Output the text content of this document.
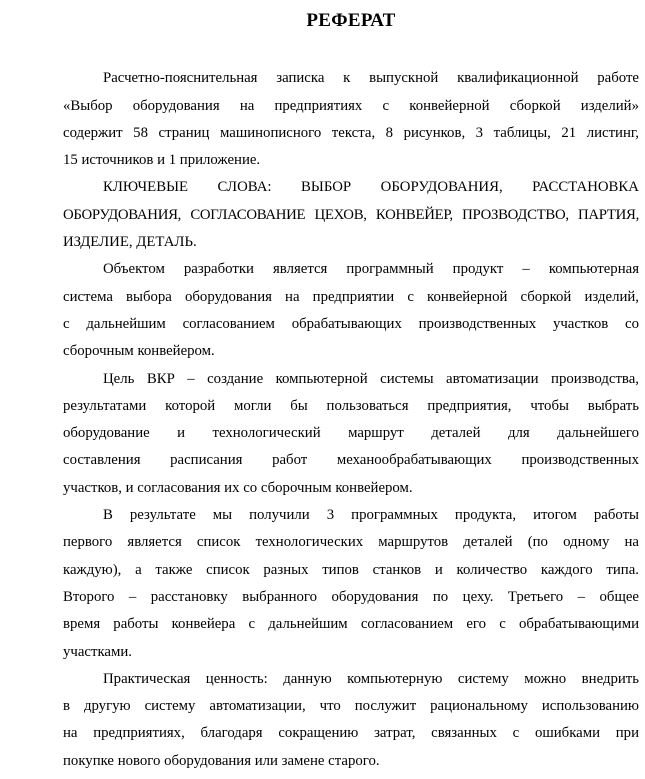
РЕФЕРАТ
Расчетно-пояснительная записка к выпускной квалификационной работе
«Выбор оборудования на предприятиях с конвейерной сборкой изделий»
содержит 58 страниц машинописного текста, 8 рисунков, 3 таблицы, 21 листинг,
15 источников и 1 приложение.
КЛЮЧЕВЫЕ СЛОВА: ВЫБОР ОБОРУДОВАНИЯ, РАССТАНОВКА
ОБОРУДОВАНИЯ, СОГЛАСОВАНИЕ ЦЕХОВ, КОНВЕЙЕР, ПРОЗВОДСТВО, ПАРТИЯ,
ИЗДЕЛИЕ, ДЕТАЛЬ.
Объектом разработки является программный продукт – компьютерная
система выбора оборудования на предприятии с конвейерной сборкой изделий,
с дальнейшим согласованием обрабатывающих производственных участков со
сборочным конвейером.
Цель ВКР – создание компьютерной системы автоматизации производства,
результатами которой могли бы пользоваться предприятия, чтобы выбрать
оборудование и технологический маршрут деталей для дальнейшего
составления расписания работ механообрабатывающих производственных
участков, и согласования их со сборочным конвейером.
В результате мы получили 3 программных продукта, итогом работы
первого является список технологических маршрутов деталей (по одному на
каждую), а также список разных типов станков и количество каждого типа.
Второго – расстановку выбранного оборудования по цеху. Третьего – общее
время работы конвейера с дальнейшим согласованием его с обрабатывающими
участками.
Практическая ценность: данную компьютерную систему можно внедрить
в другую систему автоматизации, что послужит рациональному использованию
на предприятиях, благодаря сокращению затрат, связанных с ошибками при
покупке нового оборудования или замене старого.
